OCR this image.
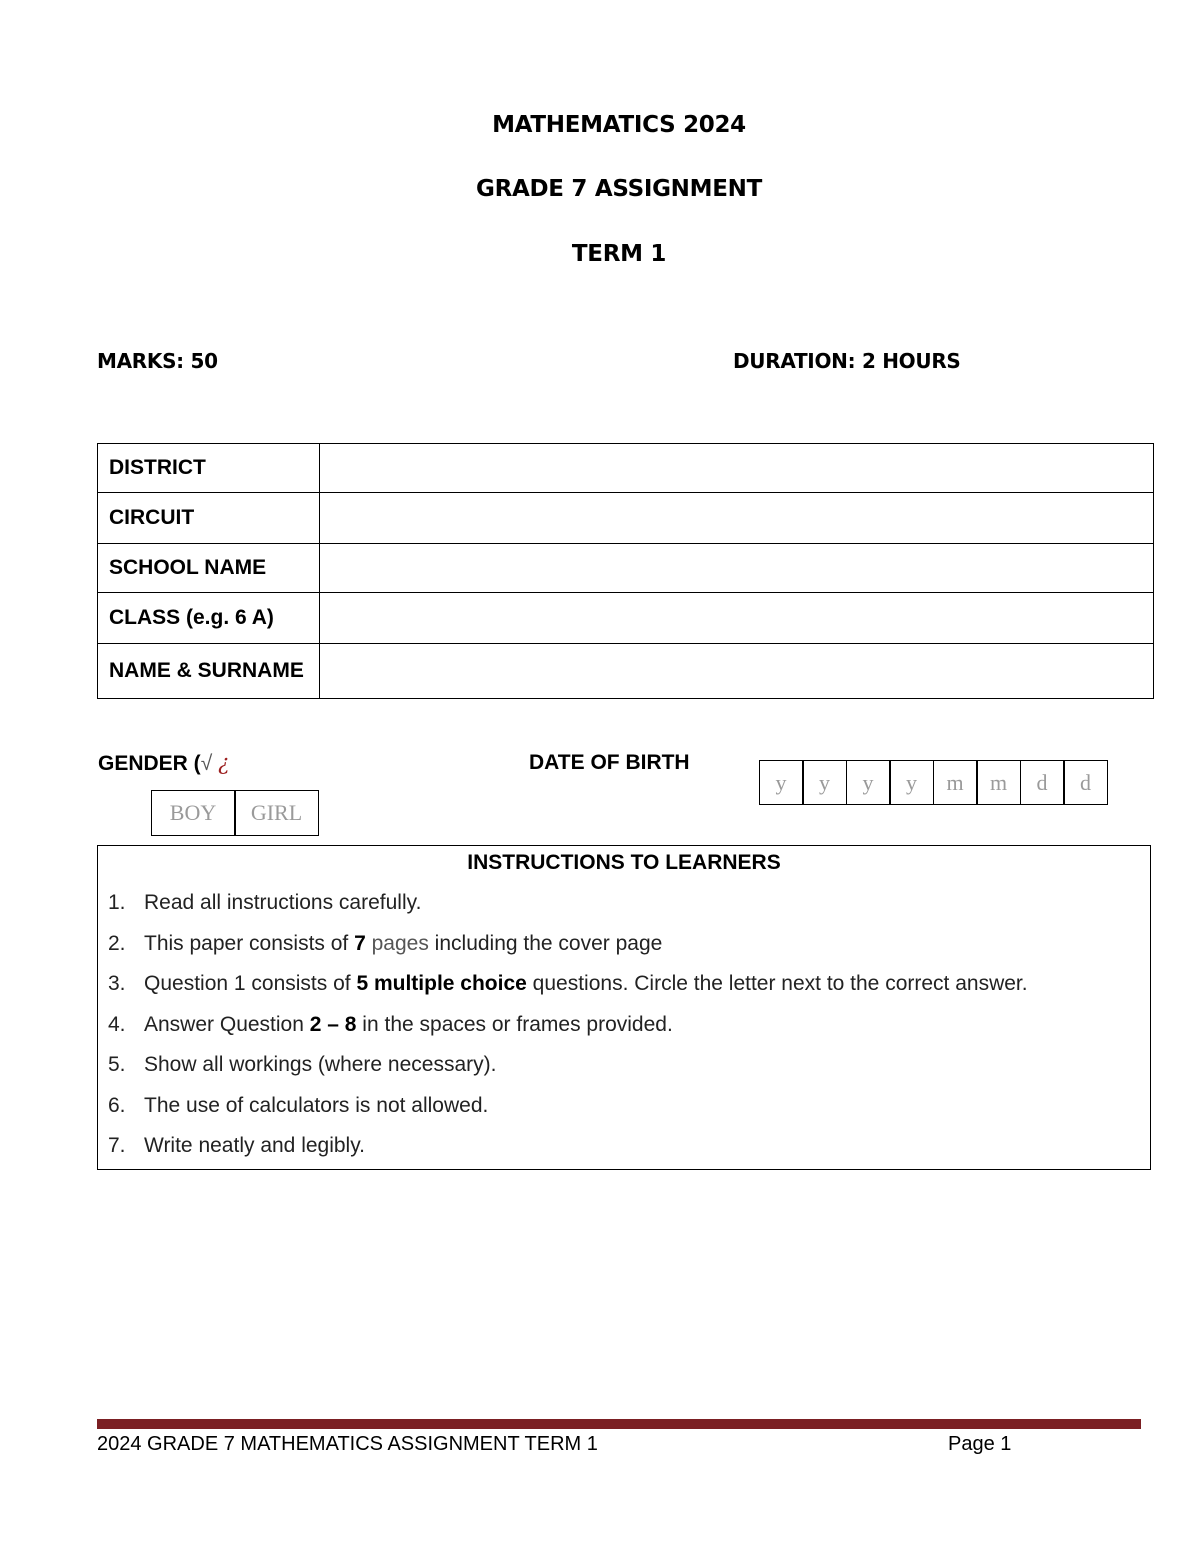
MATHEMATICS 2024
GRADE 7 ASSIGNMENT
TERM 1
MARKS: 50	DURATION: 2 HOURS
DISTRICT	
CIRCUIT	
SCHOOL NAME	
CLASS (e.g. 6 A)	
NAME & SURNAME	
GENDER (√ ¿
BOY	GIRL
DATE OF BIRTH
y	y	y	y	m	m	d	d
INSTRUCTIONS TO LEARNERS
1. Read all instructions carefully.
2. This paper consists of 7 pages including the cover page
3. Question 1 consists of 5 multiple choice questions. Circle the letter next to the correct answer.
4. Answer Question 2 – 8 in the spaces or frames provided.
5. Show all workings (where necessary).
6. The use of calculators is not allowed.
7. Write neatly and legibly.
2024 GRADE 7 MATHEMATICS ASSIGNMENT TERM 1	Page 1
